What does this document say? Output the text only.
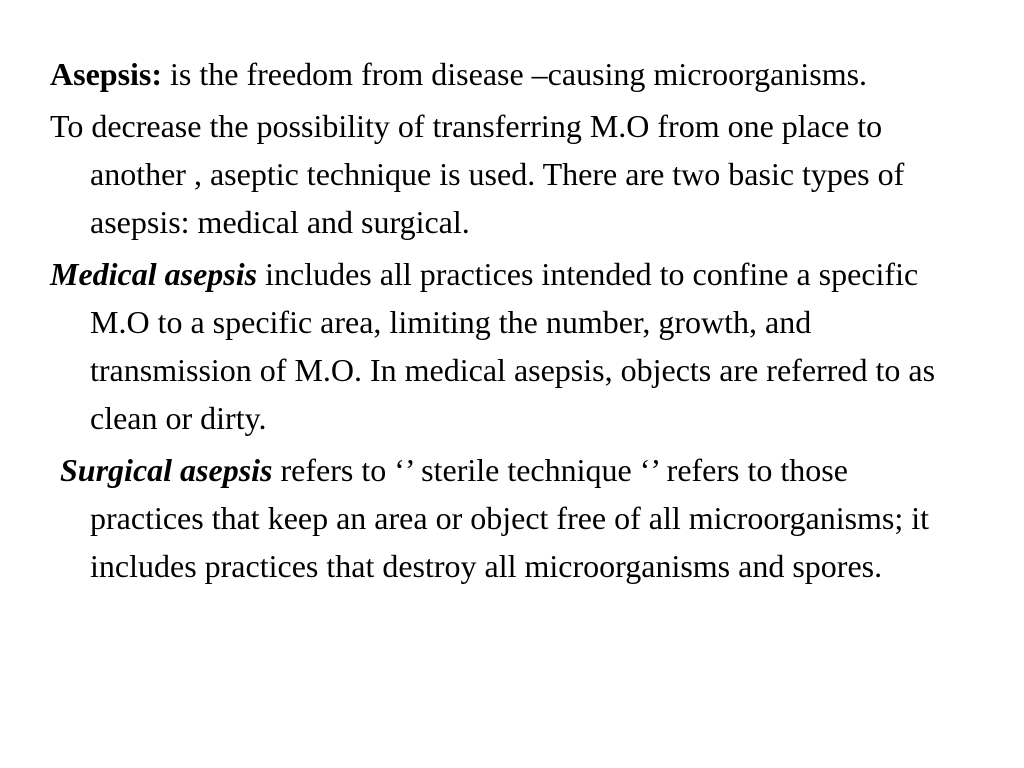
Asepsis: is the freedom from disease –causing microorganisms.

To decrease the possibility of transferring M.O from one place to another , aseptic technique is used. There are two basic types of asepsis: medical and surgical.

Medical asepsis includes all practices intended to confine a specific M.O to a specific area, limiting the number, growth, and transmission of M.O. In medical asepsis, objects are referred to as clean or dirty.

Surgical asepsis refers to ‘’ sterile technique ‘’ refers to those practices that keep an area or object free of all microorganisms; it includes practices that destroy all microorganisms and spores.
